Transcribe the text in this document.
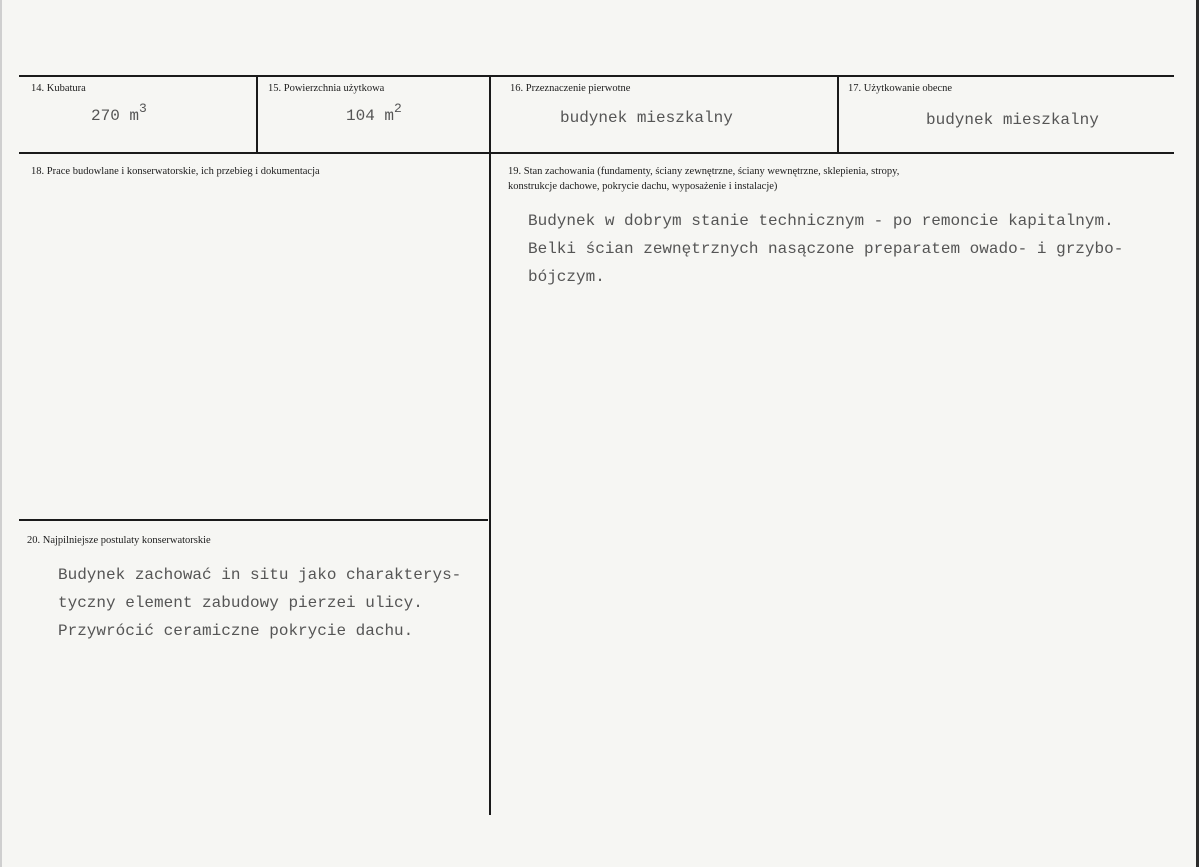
14. Kubatura
270 $m^3$
15. Powierzchnia użytkowa
104 $m^2$
16. Przeznaczenie pierwotne
budynek mieszkalny
17. Użytkowanie obecne
budynek mieszkalny
18. Prace budowlane i konserwatorskie, ich przebieg i dokumentacja	19. Stan zachowania (fundamenty, ściany zewnętrzne, ściany wewnętrzne, sklepienia, stropy,
konstrukcje dachowe, pokrycie dachu, wyposażenie i instalacje)
Budynek w dobrym stanie technicznym - po remoncie kapitalnym.
Belki ścian zewnętrznych nasączone preparatem owado- i grzybo-
bójczym.
20. Najpilniejsze postulaty konserwatorskie
Budynek zachować in situ jako charakterys-
tyczny element zabudowy pierzei ulicy.
Przywrócić ceramiczne pokrycie dachu.
